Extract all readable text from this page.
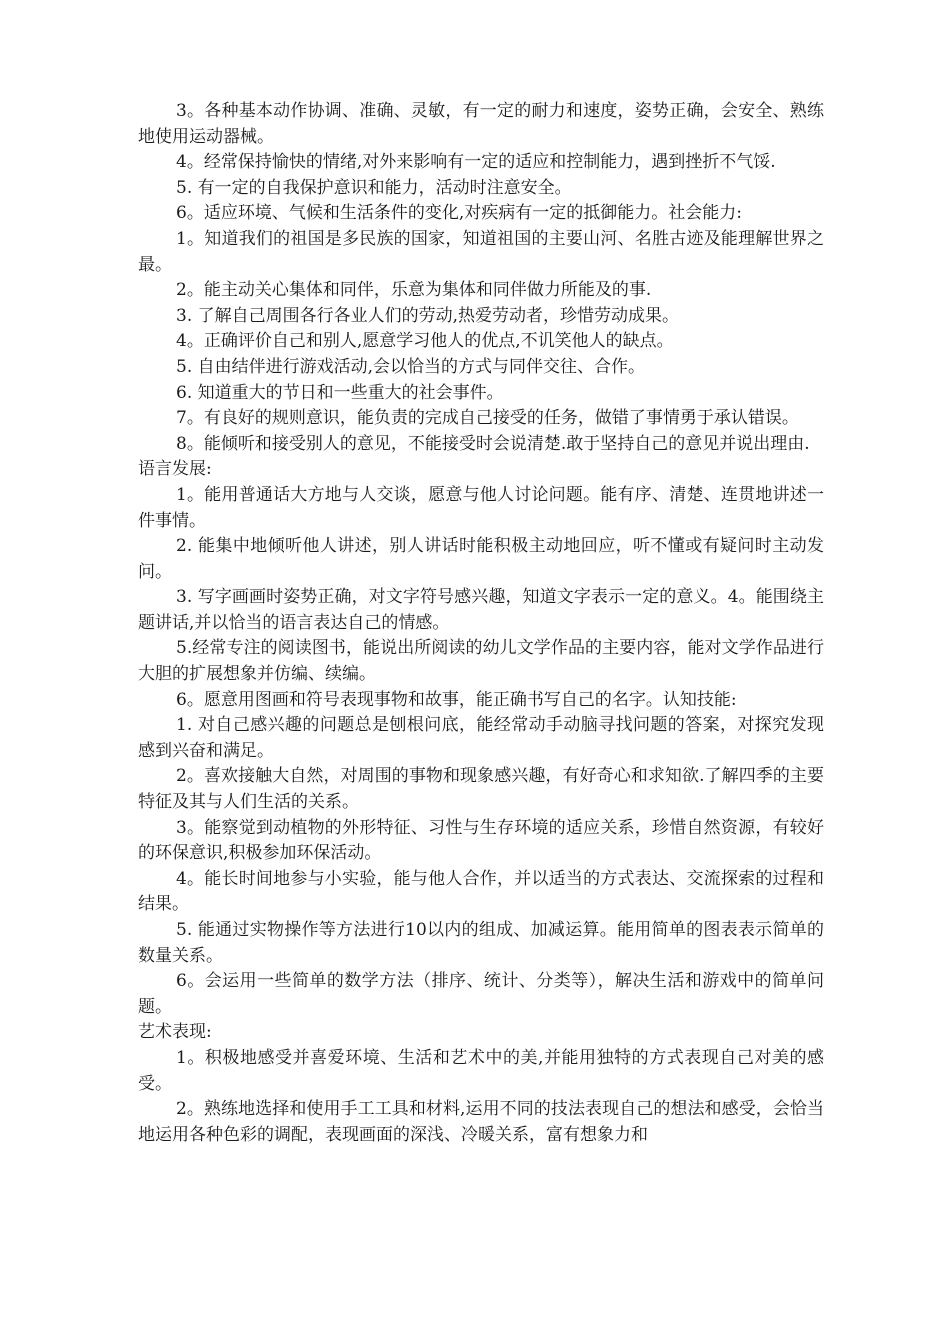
3。各种基本动作协调、准确、灵敏，有一定的耐力和速度，姿势正确，会安全、熟练地使用运动器械。

4。经常保持愉快的情绪,对外来影响有一定的适应和控制能力，遇到挫折不气馁.

5. 有一定的自我保护意识和能力，活动时注意安全。

6。适应环境、气候和生活条件的变化,对疾病有一定的抵御能力。社会能力:

1。知道我们的祖国是多民族的国家，知道祖国的主要山河、名胜古迹及能理解世界之最。

2。能主动关心集体和同伴，乐意为集体和同伴做力所能及的事.

3. 了解自己周围各行各业人们的劳动,热爱劳动者，珍惜劳动成果。

4。正确评价自己和别人,愿意学习他人的优点,不讥笑他人的缺点。

5. 自由结伴进行游戏活动,会以恰当的方式与同伴交往、合作。

6. 知道重大的节日和一些重大的社会事件。

7。有良好的规则意识，能负责的完成自己接受的任务，做错了事情勇于承认错误。

8。能倾听和接受别人的意见，不能接受时会说清楚.敢于坚持自己的意见并说出理由.

语言发展:

1。能用普通话大方地与人交谈，愿意与他人讨论问题。能有序、清楚、连贯地讲述一件事情。

2. 能集中地倾听他人讲述，别人讲话时能积极主动地回应，听不懂或有疑问时主动发问。

3. 写字画画时姿势正确，对文字符号感兴趣，知道文字表示一定的意义。4。能围绕主题讲话,并以恰当的语言表达自己的情感。

5.经常专注的阅读图书，能说出所阅读的幼儿文学作品的主要内容，能对文学作品进行大胆的扩展想象并仿编、续编。

6。愿意用图画和符号表现事物和故事，能正确书写自己的名字。认知技能:

1. 对自己感兴趣的问题总是刨根问底，能经常动手动脑寻找问题的答案，对探究发现感到兴奋和满足。

2。喜欢接触大自然，对周围的事物和现象感兴趣，有好奇心和求知欲.了解四季的主要特征及其与人们生活的关系。

3。能察觉到动植物的外形特征、习性与生存环境的适应关系，珍惜自然资源，有较好的环保意识,积极参加环保活动。

4。能长时间地参与小实验，能与他人合作，并以适当的方式表达、交流探索的过程和结果。

5. 能通过实物操作等方法进行10以内的组成、加减运算。能用简单的图表表示简单的数量关系。

6。会运用一些简单的数学方法（排序、统计、分类等），解决生活和游戏中的简单问题。

艺术表现:

1。积极地感受并喜爱环境、生活和艺术中的美,并能用独特的方式表现自己对美的感受。

2。熟练地选择和使用手工工具和材料,运用不同的技法表现自己的想法和感受，会恰当地运用各种色彩的调配，表现画面的深浅、冷暖关系，富有想象力和
